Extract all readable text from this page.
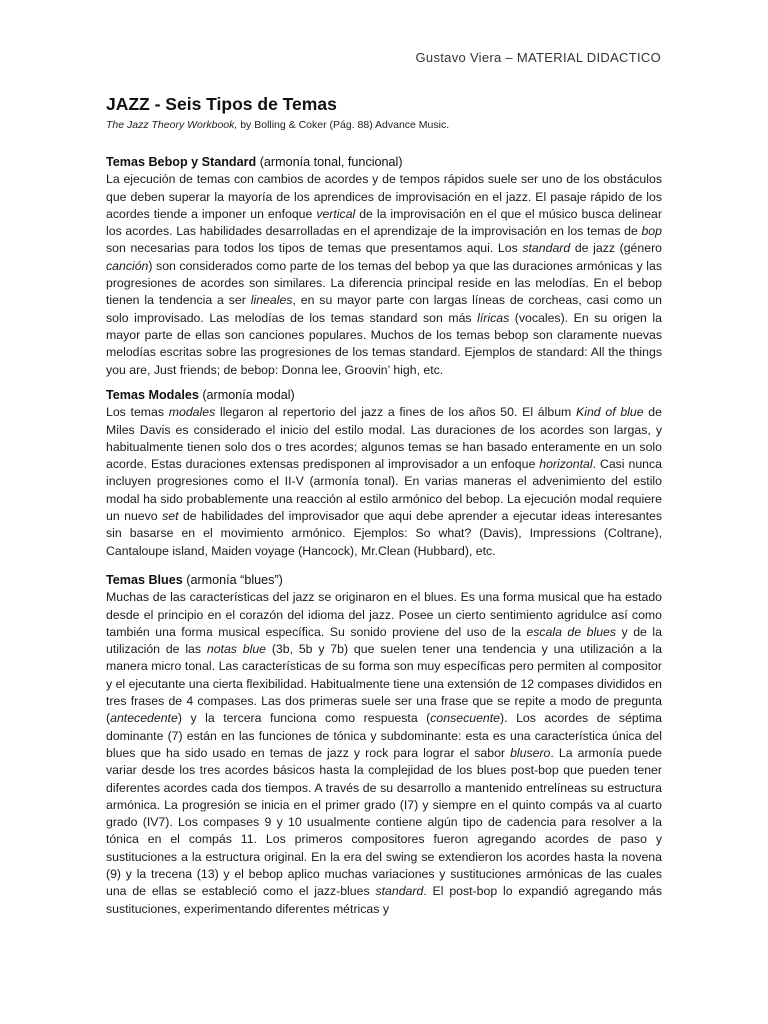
Gustavo Viera – MATERIAL DIDACTICO
JAZZ - Seis Tipos de Temas
The Jazz Theory Workbook, by Bolling & Coker (Pág. 88) Advance Music.
Temas Bebop y Standard (armonía tonal, funcional)
La ejecución de temas con cambios de acordes y de tempos rápidos suele ser uno de los obstáculos que deben superar la mayoría de los aprendices de improvisación en el jazz. El pasaje rápido de los acordes tiende a imponer un enfoque vertical de la improvisación en el que el músico busca delinear los acordes. Las habilidades desarrolladas en el aprendizaje de la improvisación en los temas de bop son necesarias para todos los tipos de temas que presentamos aqui. Los standard de jazz (género canción) son considerados como parte de los temas del bebop ya que las duraciones armónicas y las progresiones de acordes son similares. La diferencia principal reside en las melodías. En el bebop tienen la tendencia a ser lineales, en su mayor parte con largas líneas de corcheas, casi como un solo improvisado. Las melodías de los temas standard son más líricas (vocales). En su origen la mayor parte de ellas son canciones populares. Muchos de los temas bebop son claramente nuevas melodías escritas sobre las progresiones de los temas standard. Ejemplos de standard: All the things you are, Just friends; de bebop: Donna lee, Groovin’ high, etc.
Temas Modales (armonía modal)
Los temas modales llegaron al repertorio del jazz a fines de los años 50. El álbum Kind of blue de Miles Davis es considerado el inicio del estilo modal. Las duraciones de los acordes son largas, y habitualmente tienen solo dos o tres acordes; algunos temas se han basado enteramente en un solo acorde. Estas duraciones extensas predisponen al improvisador a un enfoque horizontal. Casi nunca incluyen progresiones como el II-V (armonía tonal). En varias maneras el advenimiento del estilo modal ha sido probablemente una reacción al estilo armónico del bebop. La ejecución modal requiere un nuevo set de habilidades del improvisador que aqui debe aprender a ejecutar ideas interesantes sin basarse en el movimiento armónico. Ejemplos: So what? (Davis), Impressions (Coltrane), Cantaloupe island, Maiden voyage (Hancock), Mr.Clean (Hubbard), etc.
Temas Blues (armonía “blues”)
Muchas de las características del jazz se originaron en el blues. Es una forma musical que ha estado desde el principio en el corazón del idioma del jazz. Posee un cierto sentimiento agridulce así como también una forma musical específica. Su sonido proviene del uso de la escala de blues y de la utilización de las notas blue (3b, 5b y 7b) que suelen tener una tendencia y una utilización a la manera micro tonal. Las características de su forma son muy específicas pero permiten al compositor y el ejecutante una cierta flexibilidad. Habitualmente tiene una extensión de 12 compases divididos en tres frases de 4 compases. Las dos primeras suele ser una frase que se repite a modo de pregunta (antecedente) y la tercera funciona como respuesta (consecuente). Los acordes de séptima dominante (7) están en las funciones de tónica y subdominante: esta es una característica única del blues que ha sido usado en temas de jazz y rock para lograr el sabor blusero. La armonía puede variar desde los tres acordes básicos hasta la complejidad de los blues post-bop que pueden tener diferentes acordes cada dos tiempos. A través de su desarrollo a mantenido entrelíneas su estructura armónica. La progresión se inicia en el primer grado (I7) y siempre en el quinto compás va al cuarto grado (IV7). Los compases 9 y 10 usualmente contiene algún tipo de cadencia para resolver a la tónica en el compás 11. Los primeros compositores fueron agregando acordes de paso y sustituciones a la estructura original. En la era del swing se extendieron los acordes hasta la novena (9) y la trecena (13) y el bebop aplico muchas variaciones y sustituciones armónicas de las cuales una de ellas se estableció como el jazz-blues standard. El post-bop lo expandió agregando más sustituciones, experimentando diferentes métricas y
